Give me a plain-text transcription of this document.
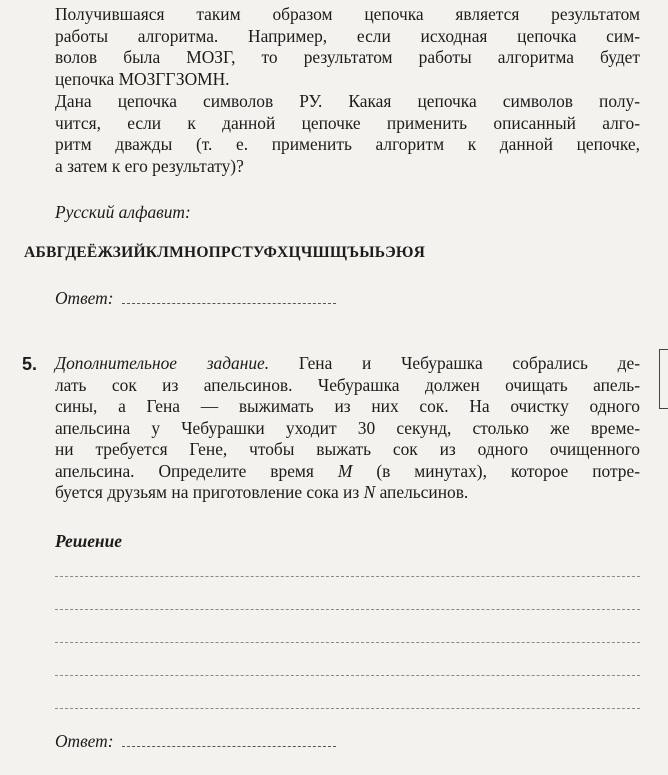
Получившаяся таким образом цепочка является результатом
работы алгоритма. Например, если исходная цепочка сим-
волов была МОЗГ, то результатом работы алгоритма будет
цепочка МОЗГГЗОМН.
Дана цепочка символов РУ. Какая цепочка символов полу-
чится, если к данной цепочке применить описанный алго-
ритм дважды (т. е. применить алгоритм к данной цепочке,
а затем к его результату)?
Русский алфавит:
АБВГДЕЁЖЗИЙКЛМНОПРСТУФХЦЧШЩЪЫЬЭЮЯ
Ответ:
5. Дополнительное задание. Гена и Чебурашка собрались де-
лать сок из апельсинов. Чебурашка должен очищать апель-
сины, а Гена — выжимать из них сок. На очистку одного
апельсина у Чебурашки уходит 30 секунд, столько же време-
ни требуется Гене, чтобы выжать сок из одного очищенного
апельсина. Определите время M (в минутах), которое потре-
буется друзьям на приготовление сока из N апельсинов.
Решение
Ответ:
